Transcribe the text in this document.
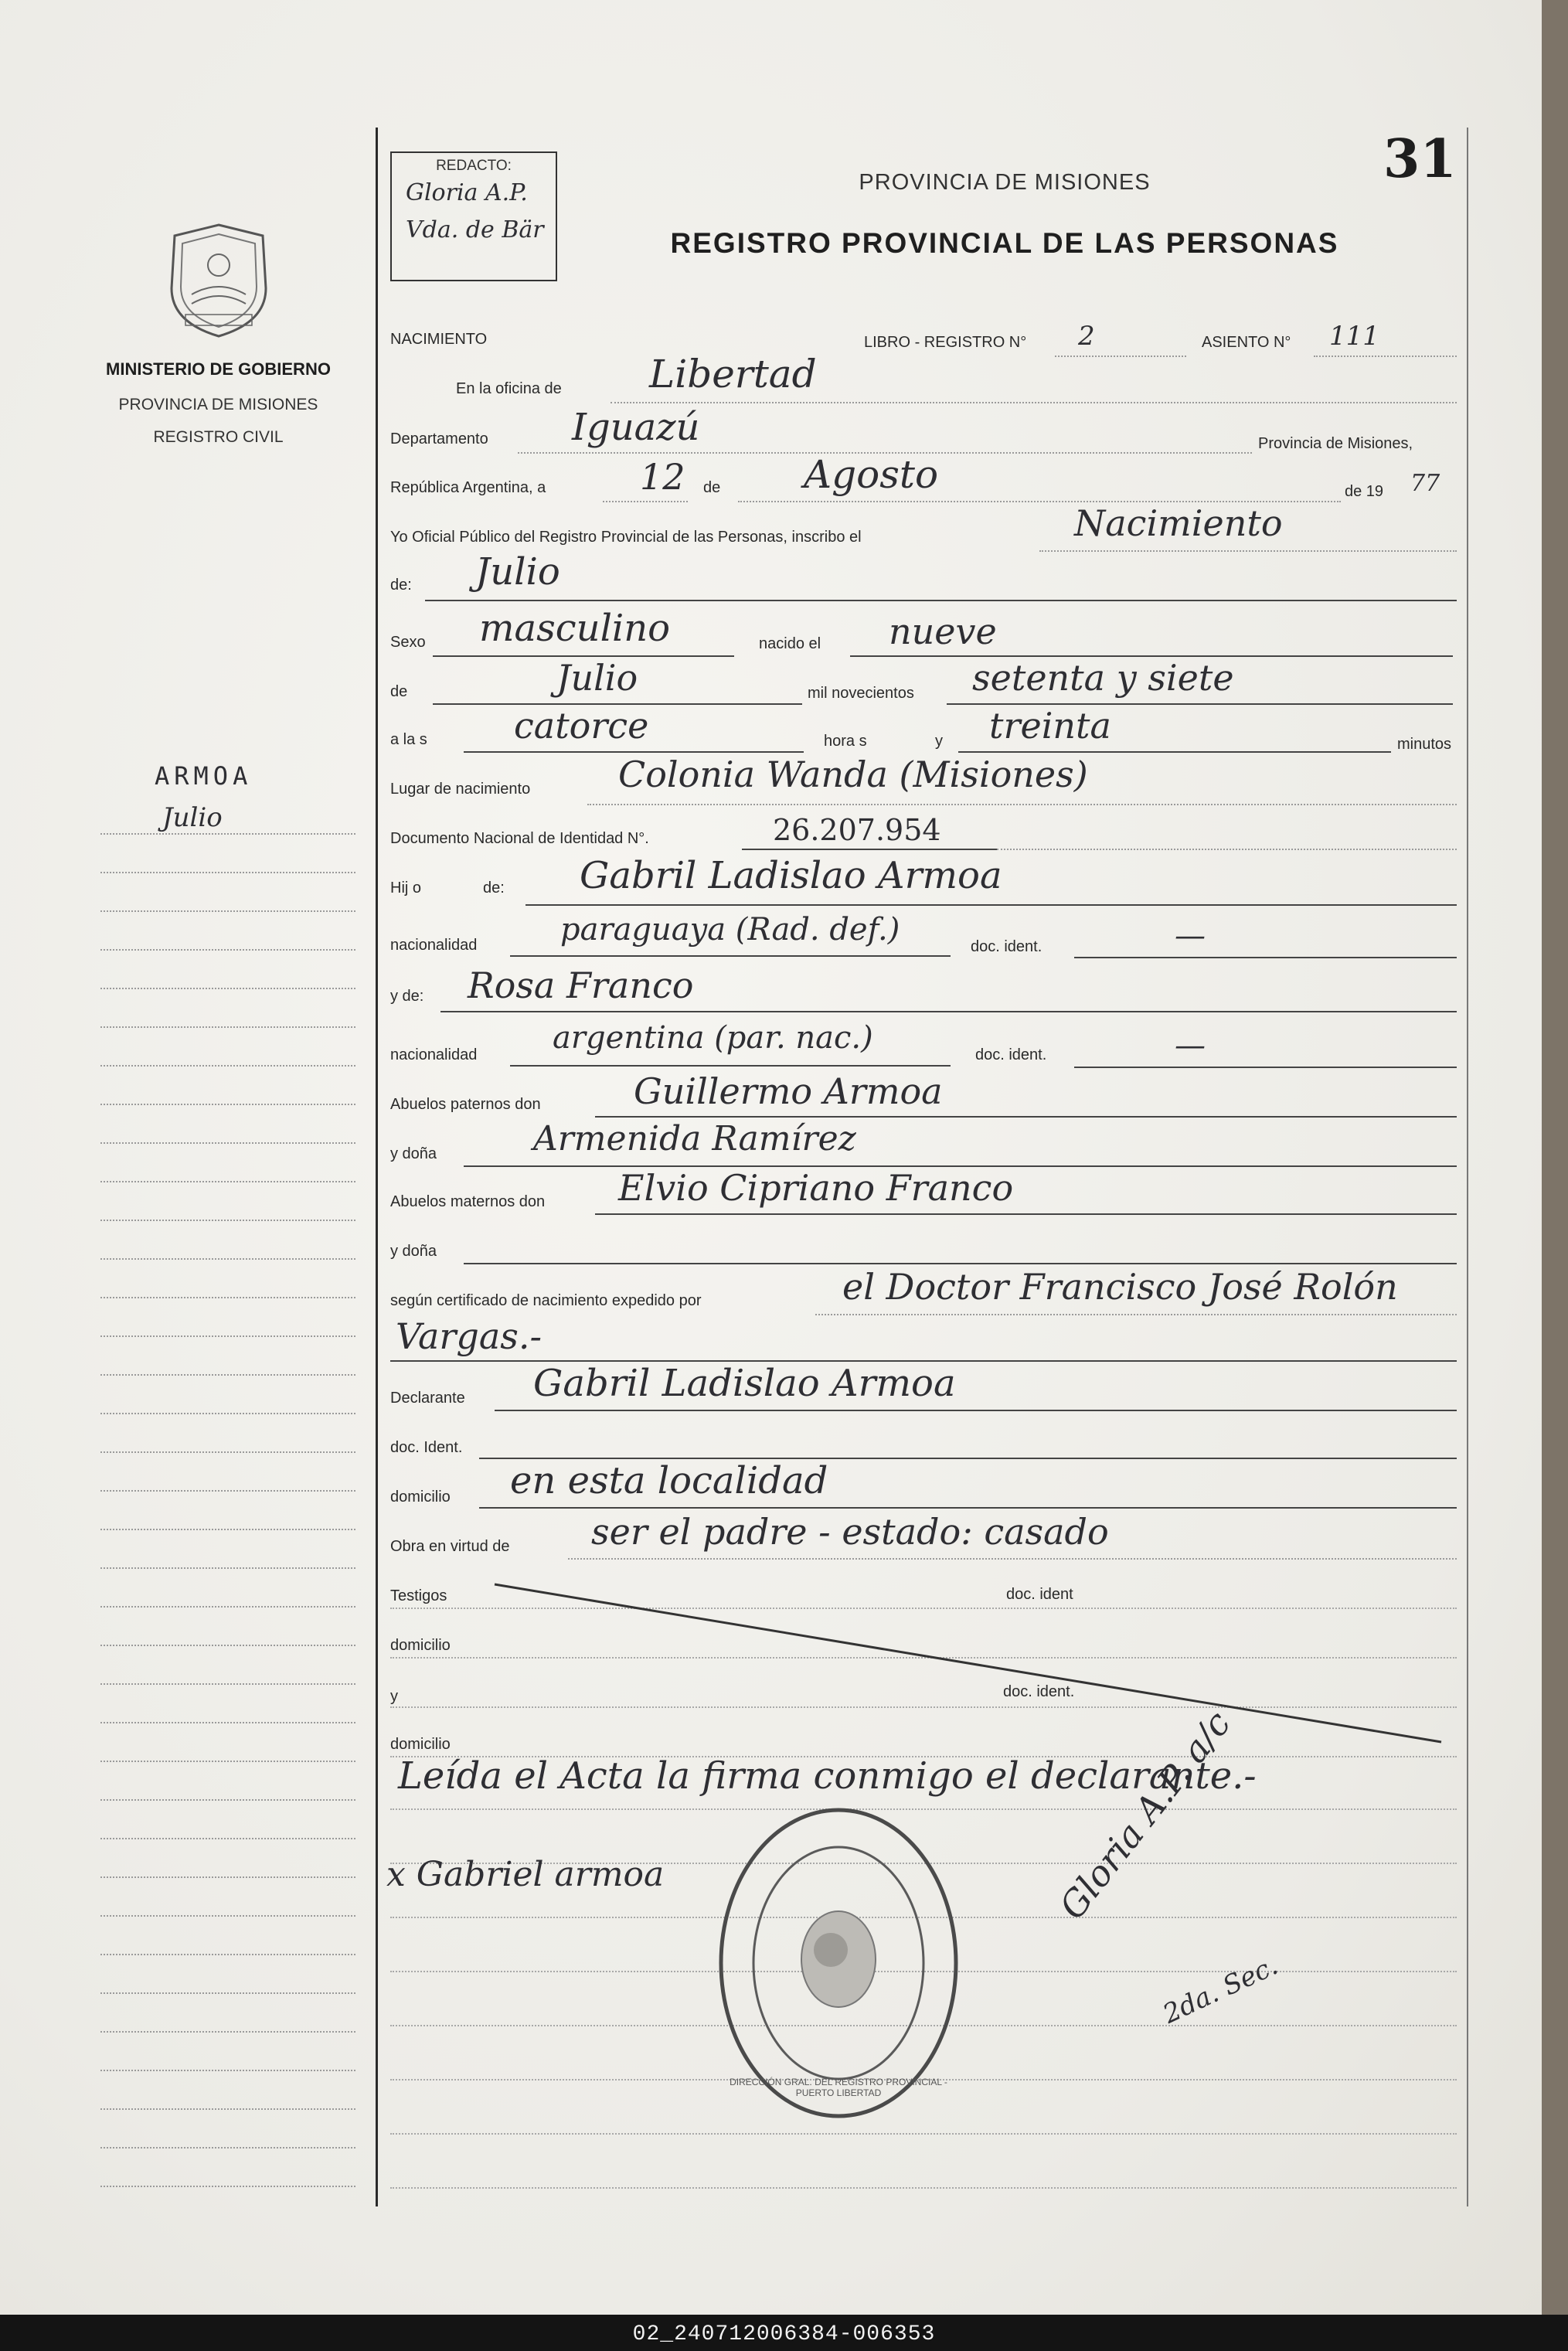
MINISTERIO DE GOBIERNO
PROVINCIA DE MISIONES
REGISTRO CIVIL
ARMOA
Julio
REDACTO:
Gloria A.P.
Vda. de Bär
PROVINCIA DE MISIONES
REGISTRO PROVINCIAL DE LAS PERSONAS
31
NACIMIENTO	LIBRO - REGISTRO N° 2	ASIENTO N° 111
En la oficina de Libertad
Departamento Iguazú	Provincia de Misiones,
República Argentina, a	12 de Agosto	de 19 77
Yo Oficial Público del Registro Provincial de las Personas, inscribo el	Nacimiento
de: Julio
Sexo masculino	nacido el nueve
de	Julio	mil novecientos setenta y siete
a la s catorce	hora s	y treinta	minutos
Lugar de nacimiento Colonia Wanda (Misiones)
Documento Nacional de Identidad N°.	26.207.954
Hij o	de: Gabril Ladislao Armoa
nacionalidad	paraguaya (Rad. def.)	doc. ident.	—
y de: Rosa Franco
nacionalidad argentina (par. nac.)	doc. ident.	—
Abuelos paternos don	Guillermo Armoa
y doña	Armenida Ramírez
Abuelos maternos don Elvio Cipriano Franco
y doña
según certificado de nacimiento expedido por	el Doctor Francisco José Rolón
Vargas.-
Declarante Gabril Ladislao Armoa
doc. Ident.
domicilio en esta localidad
Obra en virtud de ser el padre - estado: casado
Testigos	doc. ident
domicilio
y	doc. ident.
domicilio
Leída el Acta la firma conmigo el declarante.-
x Gabriel armoa
DIRECCIÓN GRAL. DEL REGISTRO PROVINCIAL - PUERTO LIBERTAD
Gloria A.P. a/c
2da. Sec.
02_240712006384-006353
